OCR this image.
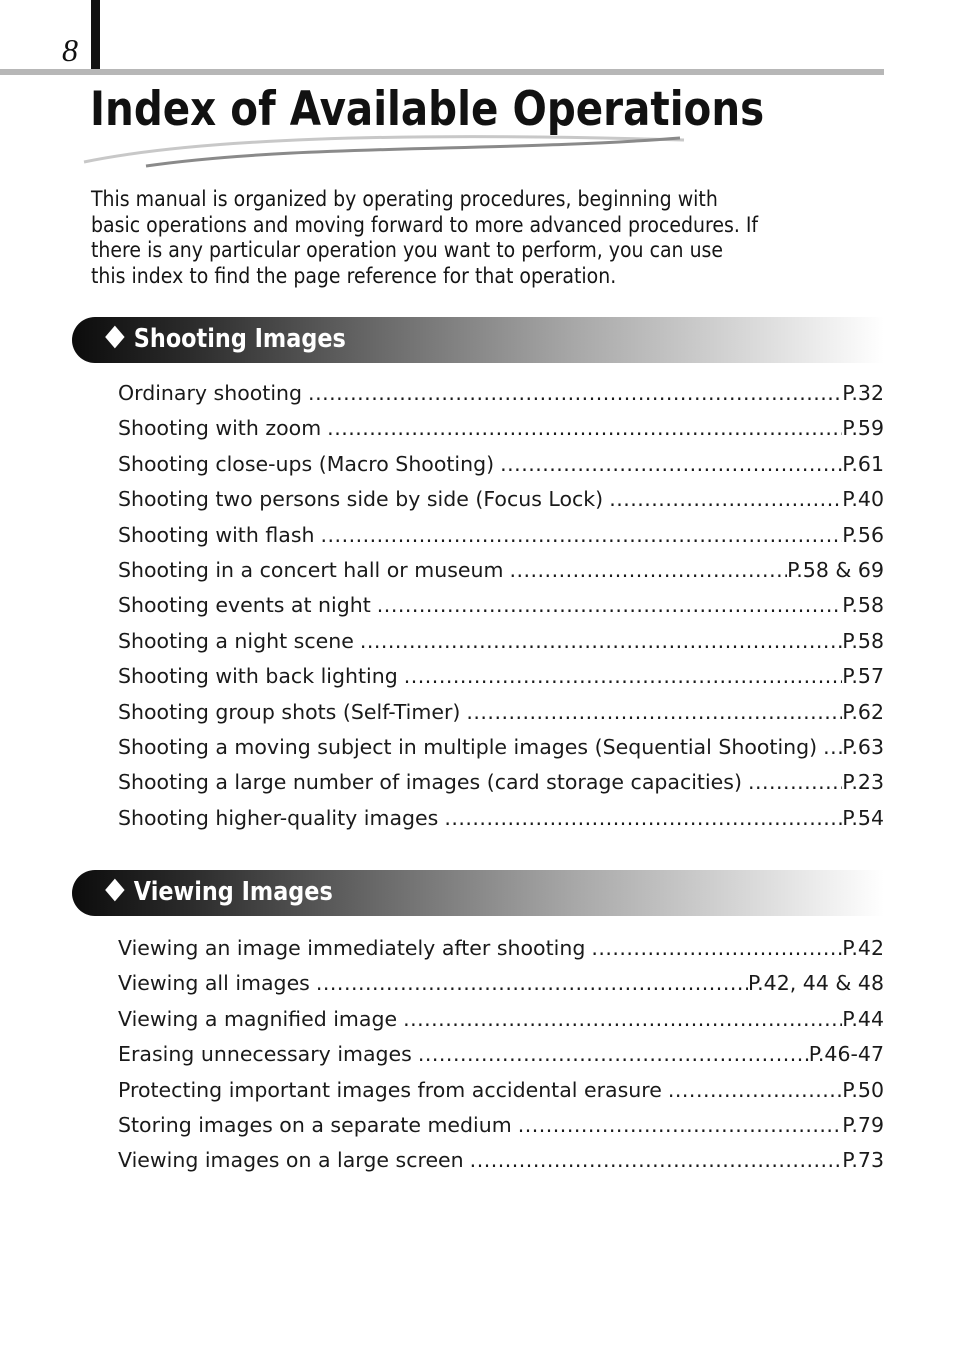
8
Index of Available Operations

This manual is organized by operating procedures, beginning with basic operations and moving forward to more advanced procedures. If there is any particular operation you want to perform, you can use this index to find the page reference for that operation.

Shooting Images
Ordinary shooting .....	P.32
Shooting with zoom .....	P.59
Shooting close-ups (Macro Shooting) .....	P.61
Shooting two persons side by side (Focus Lock) .....	P.40
Shooting with flash .....	P.56
Shooting in a concert hall or museum .....	P.58 & 69
Shooting events at night .....	P.58
Shooting a night scene .....	P.58
Shooting with back lighting .....	P.57
Shooting group shots (Self-Timer) .....	P.62
Shooting a moving subject in multiple images (Sequential Shooting) ..... P.63
Shooting a large number of images (card storage capacities) .....	P.23
Shooting higher-quality images .....	P.54
Viewing Images
Viewing an image immediately after shooting .....	P.42
Viewing all images .....	P.42, 44 & 48
Viewing a magnified image .....	P.44
Erasing unnecessary images .....	P.46-47
Protecting important images from accidental erasure .....	P.50
Storing images on a separate medium .....	P.79
Viewing images on a large screen .....	P.73
